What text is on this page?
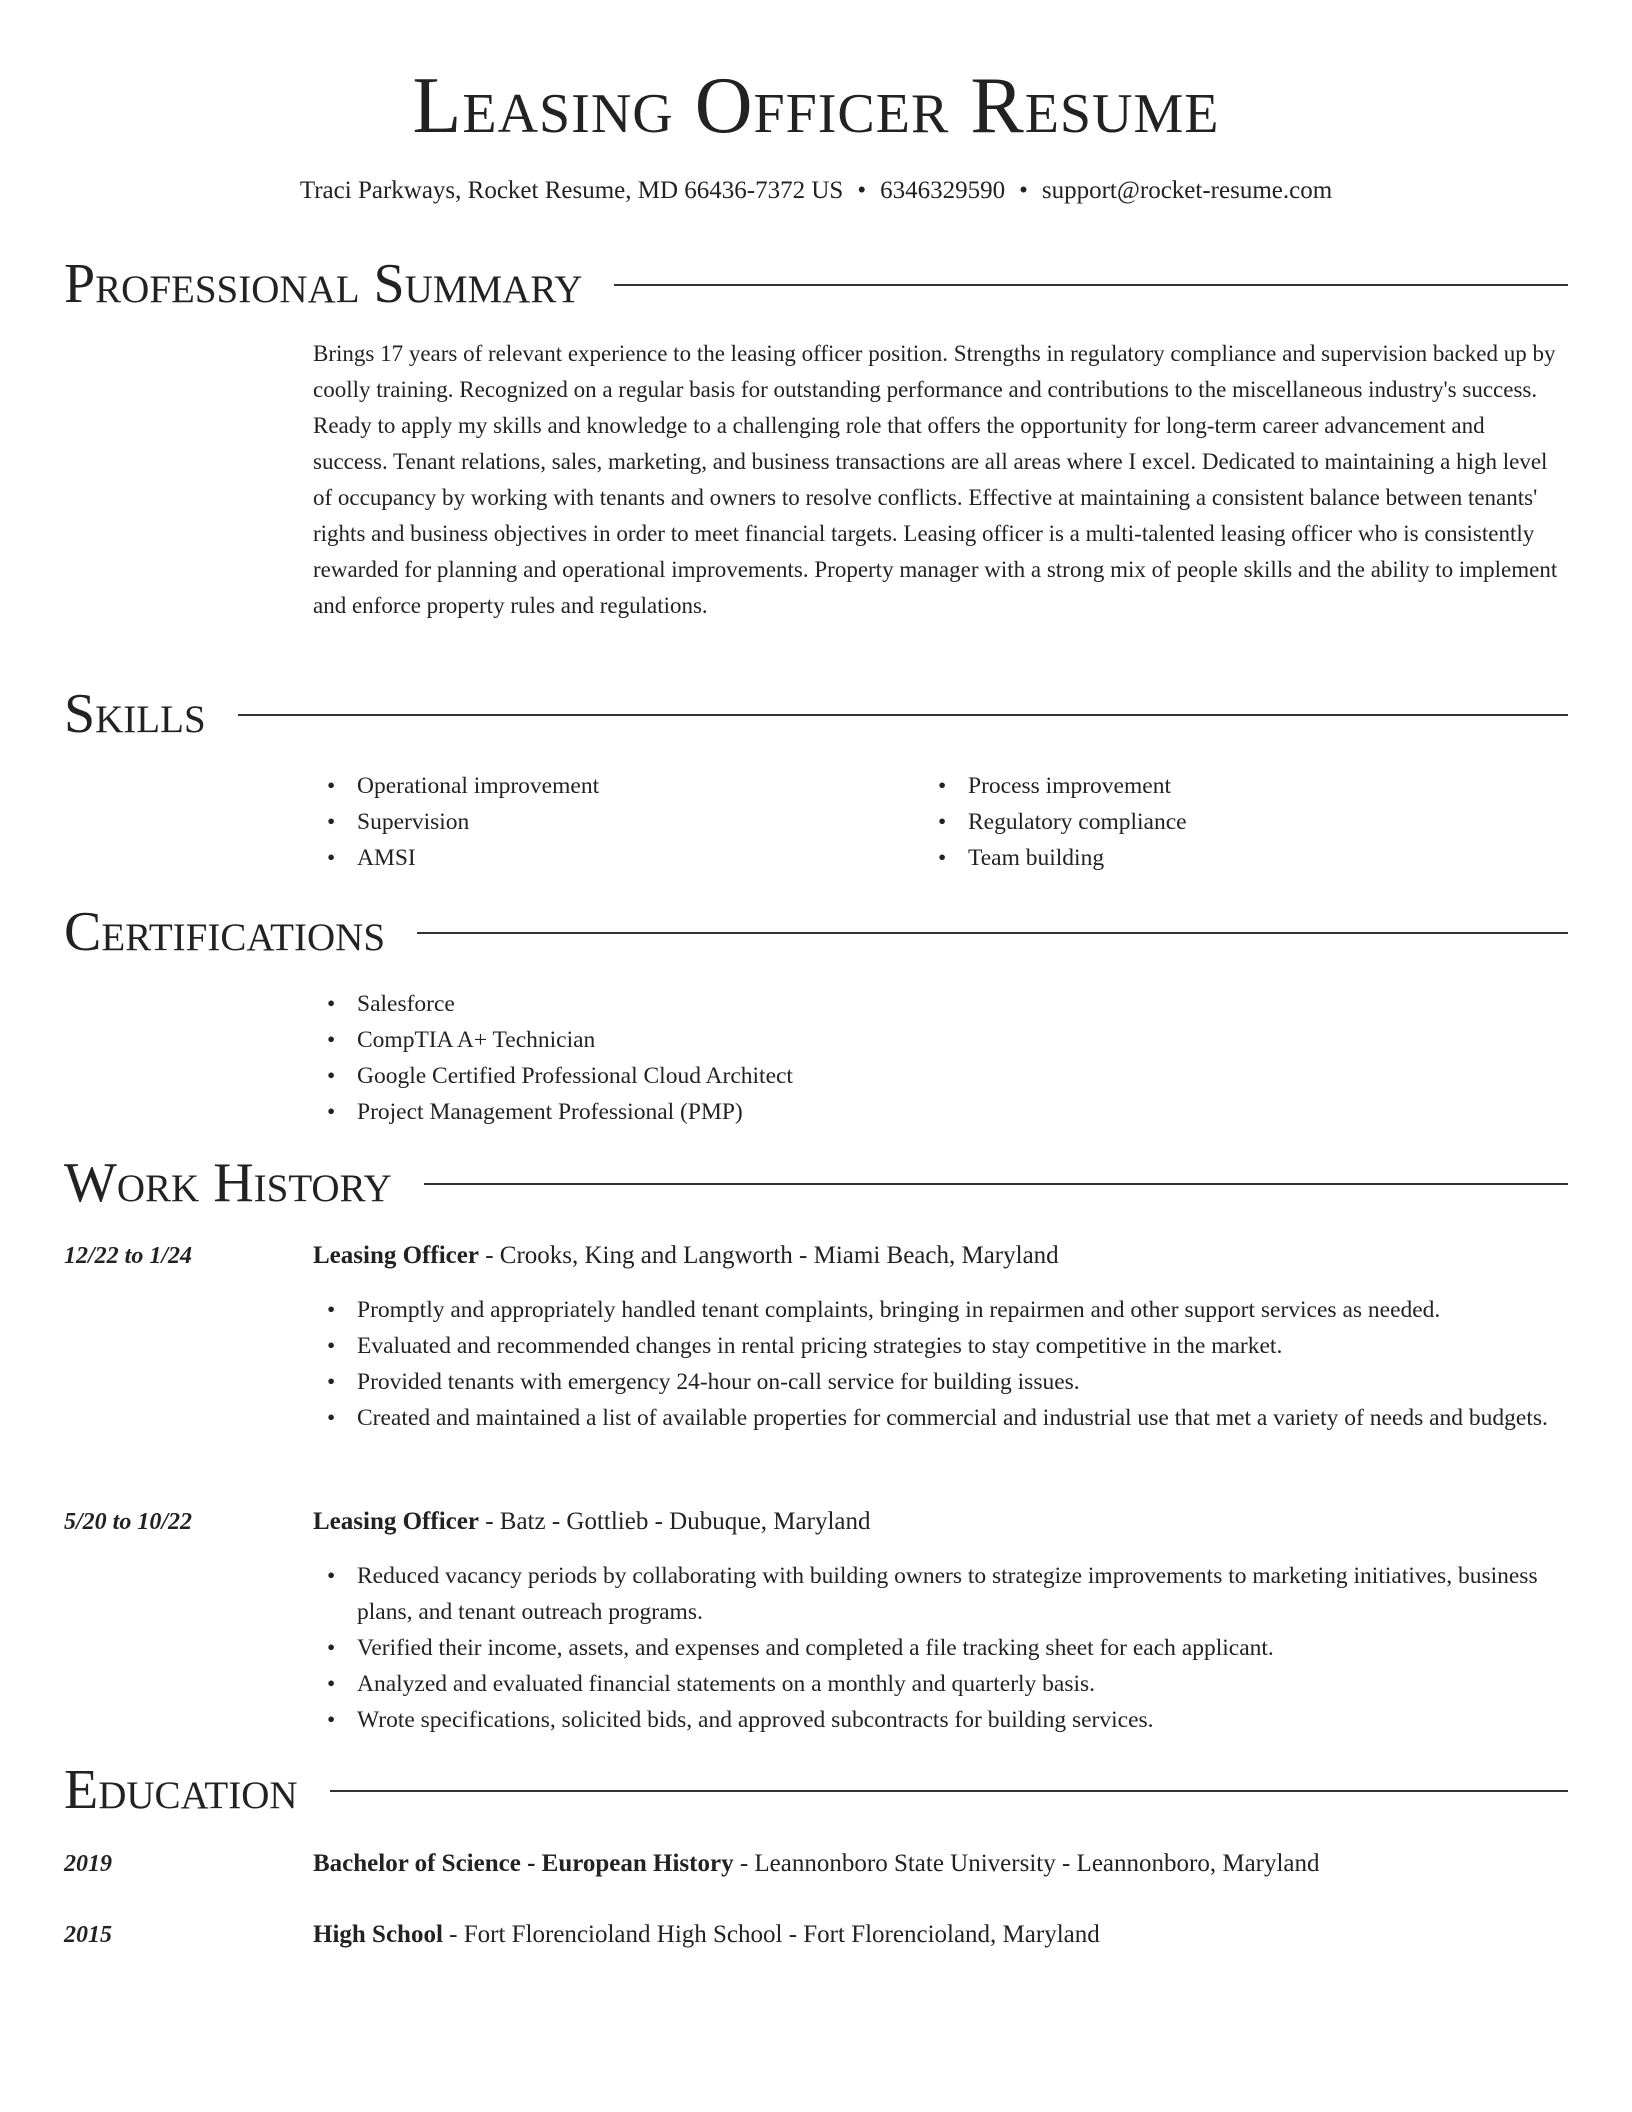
Leasing Officer Resume
Traci Parkways, Rocket Resume, MD 66436-7372 US • 6346329590 • support@rocket-resume.com
Professional Summary

Brings 17 years of relevant experience to the leasing officer position. Strengths in regulatory compliance and supervision backed up by coolly training. Recognized on a regular basis for outstanding performance and contributions to the miscellaneous industry's success. Ready to apply my skills and knowledge to a challenging role that offers the opportunity for long-term career advancement and success. Tenant relations, sales, marketing, and business transactions are all areas where I excel. Dedicated to maintaining a high level of occupancy by working with tenants and owners to resolve conflicts. Effective at maintaining a consistent balance between tenants' rights and business objectives in order to meet financial targets. Leasing officer is a multi-talented leasing officer who is consistently rewarded for planning and operational improvements. Property manager with a strong mix of people skills and the ability to implement and enforce property rules and regulations.

Skills
• Operational improvement
• Supervision
• AMSI
• Process improvement
• Regulatory compliance
• Team building
Certifications
• Salesforce
• CompTIA A+ Technician
• Google Certified Professional Cloud Architect
• Project Management Professional (PMP)
Work History
12/22 to 1/24	Leasing Officer - Crooks, King and Langworth - Miami Beach, Maryland
• Promptly and appropriately handled tenant complaints, bringing in repairmen and other support services as needed.
• Evaluated and recommended changes in rental pricing strategies to stay competitive in the market.
• Provided tenants with emergency 24-hour on-call service for building issues.
• Created and maintained a list of available properties for commercial and industrial use that met a variety of needs and budgets.
5/20 to 10/22	Leasing Officer - Batz - Gottlieb - Dubuque, Maryland
• Reduced vacancy periods by collaborating with building owners to strategize improvements to marketing initiatives, business plans, and tenant outreach programs.
• Verified their income, assets, and expenses and completed a file tracking sheet for each applicant.
• Analyzed and evaluated financial statements on a monthly and quarterly basis.
• Wrote specifications, solicited bids, and approved subcontracts for building services.
Education
2019	Bachelor of Science - European History - Leannonboro State University - Leannonboro, Maryland
2015	High School - Fort Florencioland High School - Fort Florencioland, Maryland
